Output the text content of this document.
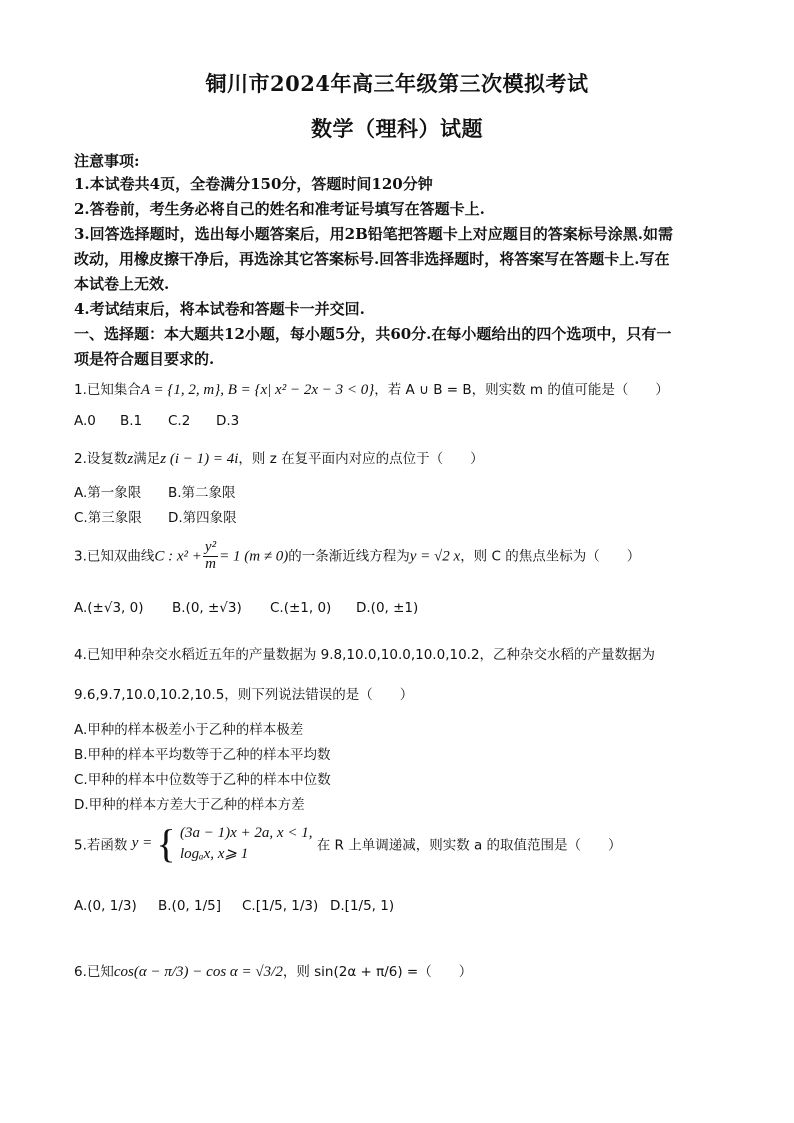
铜川市2024年高三年级第三次模拟考试
数学（理科）试题
注意事项:
1.本试卷共4页，全卷满分150分，答题时间120分钟
2.答卷前，考生务必将自己的姓名和准考证号填写在答题卡上.
3.回答选择题时，选出每小题答案后，用2B铅笔把答题卡上对应题目的答案标号涂黑.如需
改动，用橡皮擦干净后，再选涂其它答案标号.回答非选择题时，将答案写在答题卡上.写在
本试卷上无效.
4.考试结束后，将本试卷和答题卡一并交回.
一、选择题：本大题共12小题，每小题5分，共60分.在每小题给出的四个选项中，只有一
项是符合题目要求的.
1.已知集合A = {1, 2, m}, B = {x| x² − 2x − 3 < 0}，若 A ∪ B = B，则实数 m 的值可能是（　　）
A.0 B.1 C.2 D.3
2.设复数z满足z (i − 1) = 4i，则 z 在复平面内对应的点位于（　　）
A.第一象限 B.第二象限
C.第三象限 D.第四象限
3.已知双曲线C : $x^2 + \frac{\text{y²}}{m} = 1$ (m ≠ 0)的一条渐近线方程为y = √2 x，则 C 的焦点坐标为（　　）
A.(±√3, 0) B.(0, ±√3) C.(±1, 0) D.(0, ±1)
4.已知甲种杂交水稻近五年的产量数据为 9.8,10.0,10.0,10.0,10.2，乙种杂交水稻的产量数据为
9.6,9.7,10.0,10.2,10.5，则下列说法错误的是（　　）
A.甲种的样本极差小于乙种的样本极差
B.甲种的样本平均数等于乙种的样本平均数
C.甲种的样本中位数等于乙种的样本中位数
D.甲种的样本方差大于乙种的样本方差
5.若函数 y = { (3a − 1)x + 2a, x < 1,
logₐx, x⩾ 1	在 R 上单调递减，则实数 a 的取值范围是（　　）
A.(0, 1/3) B.(0, 1/5] C.[1/5, 1/3) D.[1/5, 1)
6.已知cos(α − π/3) − cos α = √3/2，则 sin(2α + π/6) =（　　）
